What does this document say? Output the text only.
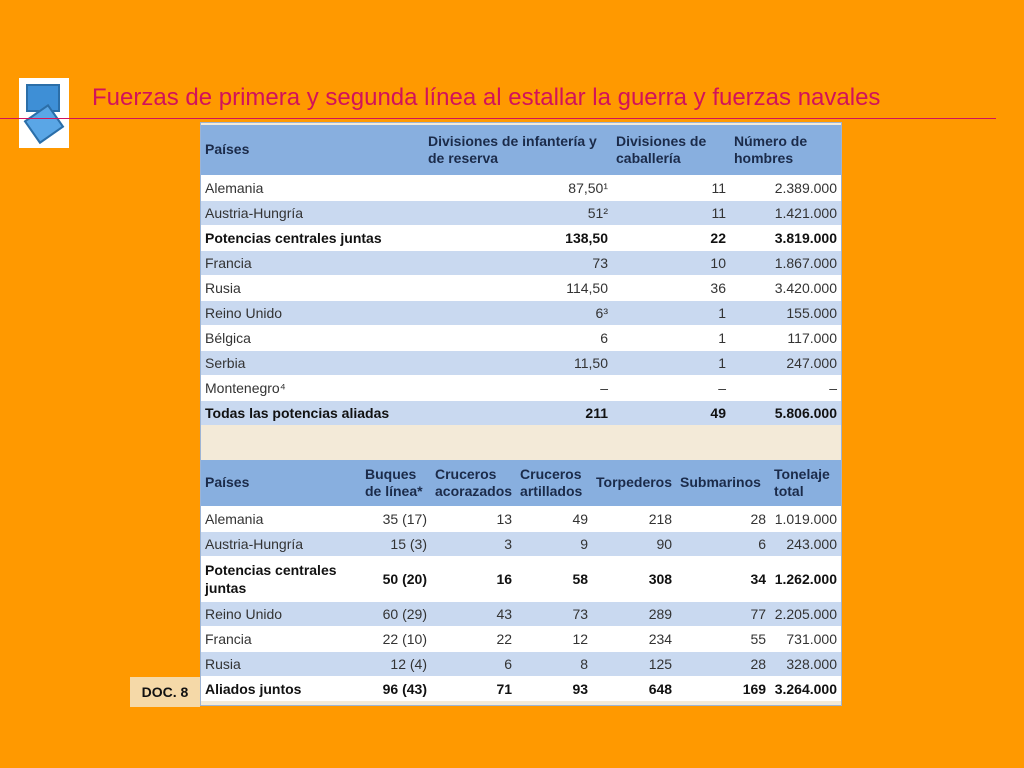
Fuerzas de primera y segunda línea al estallar la guerra y fuerzas navales
Países	Divisiones de infantería y de reserva	Divisiones de caballería	Número de hombres
Alemania	87,50¹	11	2.389.000
Austria-Hungría	51²	11	1.421.000
Potencias centrales juntas	138,50	22	3.819.000
Francia	73	10	1.867.000
Rusia	114,50	36	3.420.000
Reino Unido	6³	1	155.000
Bélgica	6	1	117.000
Serbia	11,50	1	247.000
Montenegro⁴	–	–	–
Todas las potencias aliadas	211	49	5.806.000
Países	Buques de línea*	Cruceros acorazados	Cruceros artillados	Torpederos	Submarinos	Tonelaje total
Alemania	35 (17)	13	49	218	28	1.019.000
Austria-Hungría	15 (3)	3	9	90	6	243.000
Potencias centrales juntas	50 (20)	16	58	308	34	1.262.000
Reino Unido	60 (29)	43	73	289	77	2.205.000
Francia	22 (10)	22	12	234	55	731.000
Rusia	12 (4)	6	8	125	28	328.000
Aliados juntos	96 (43)	71	93	648	169	3.264.000
DOC. 8
